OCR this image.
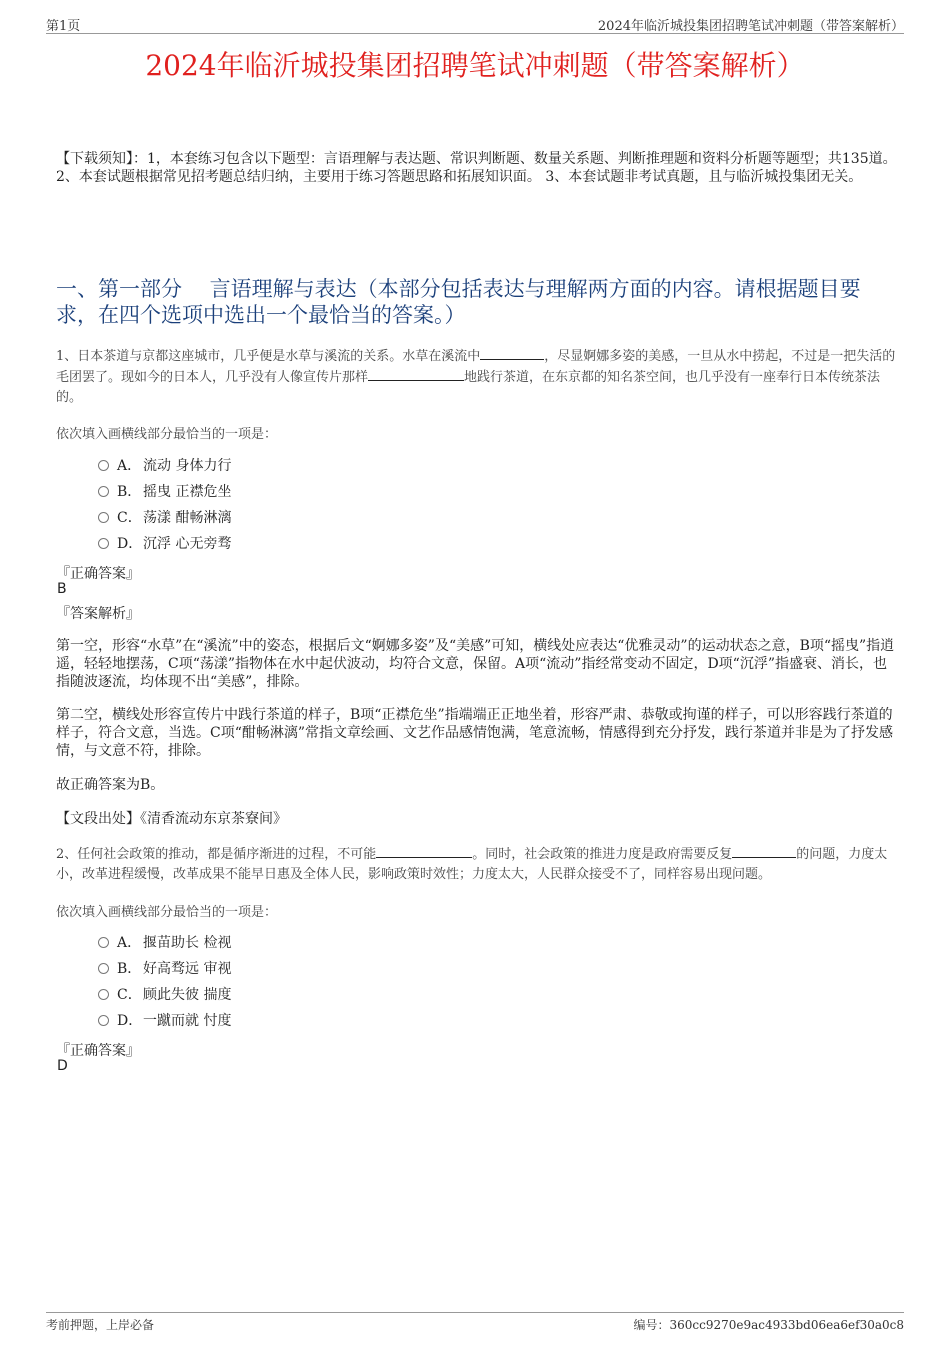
第1页	2024年临沂城投集团招聘笔试冲刺题（带答案解析）
2024年临沂城投集团招聘笔试冲刺题（带答案解析）
【下载须知】：1，本套练习包含以下题型：言语理解与表达题、常识判断题、数量关系题、判断推理题和资料分析题等题型；共135道。 2、本套试题根据常见招考题总结归纳，主要用于练习答题思路和拓展知识面。 3、本套试题非考试真题，且与临沂城投集团无关。
一、第一部分　 言语理解与表达（本部分包括表达与理解两方面的内容。请根据题目要求，在四个选项中选出一个最恰当的答案。）
1、日本茶道与京都这座城市，几乎便是水草与溪流的关系。水草在溪流中	，尽显婀娜多姿的美感，一旦从水中捞起，不过是一把失活的毛团罢了。现如今的日本人，几乎没有人像宣传片那样	地践行茶道，在东京都的知名茶空间，也几乎没有一座奉行日本传统茶法的。
依次填入画横线部分最恰当的一项是：
A． 流动 身体力行
B． 摇曳 正襟危坐
C．荡漾 酣畅淋漓
D．沉浮 心无旁骛
『正确答案』
B
『答案解析』
第一空，形容“水草”在“溪流”中的姿态，根据后文“婀娜多姿”及“美感”可知，横线处应表达“优雅灵动”的运动状态之意，B项“摇曳”指逍遥，轻轻地摆荡，C项“荡漾”指物体在水中起伏波动，均符合文意，保留。A项“流动”指经常变动不固定，D项“沉浮”指盛衰、消长，也指随波逐流，均体现不出“美感”，排除。
第二空，横线处形容宣传片中践行茶道的样子，B项“正襟危坐”指端端正正地坐着，形容严肃、恭敬或拘谨的样子，可以形容践行茶道的样子，符合文意，当选。C项“酣畅淋漓”常指文章绘画、文艺作品感情饱满，笔意流畅，情感得到充分抒发，践行茶道并非是为了抒发感情，与文意不符，排除。
故正确答案为B。
【文段出处】《清香流动东京茶寮间》
2、任何社会政策的推动，都是循序渐进的过程，不可能	。同时，社会政策的推进力度是政府需要反复	的问题，力度太小，改革进程缓慢，改革成果不能早日惠及全体人民，影响政策时效性；力度太大，人民群众接受不了，同样容易出现问题。
依次填入画横线部分最恰当的一项是：
A． 揠苗助长 检视
B． 好高骛远 审视
C．顾此失彼 揣度
D．一蹴而就 忖度
『正确答案』
D
考前押题，上岸必备	编号：360cc9270e9ac4933bd06ea6ef30a0c8
